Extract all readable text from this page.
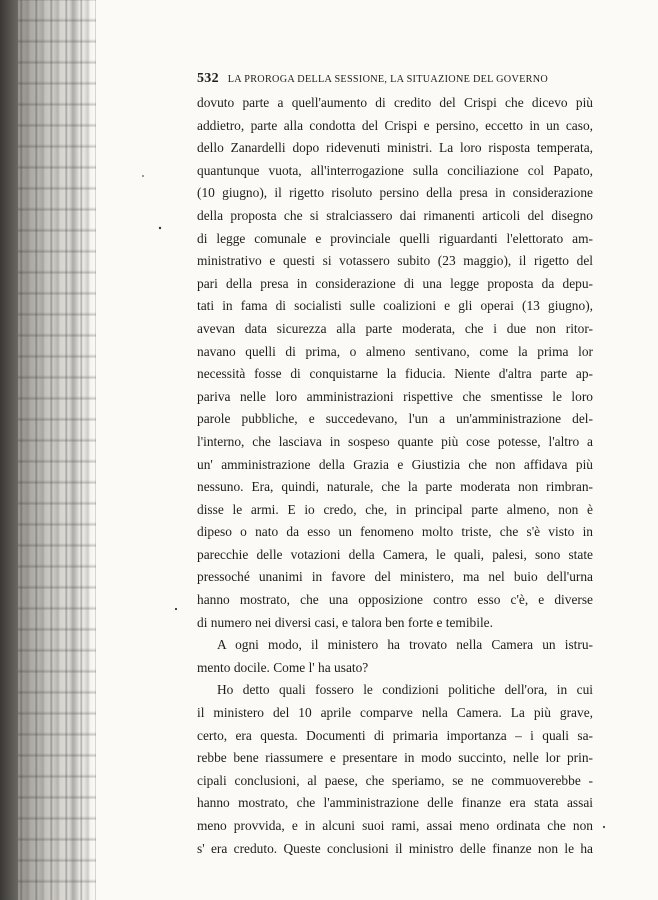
532 LA PROROGA DELLA SESSIONE, LA SITUAZIONE DEL GOVERNO
dovuto parte a quell'aumento di credito del Crispi che dicevo più
addietro, parte alla condotta del Crispi e persino, eccetto in un caso,
dello Zanardelli dopo ridevenuti ministri. La loro risposta temperata,
quantunque vuota, all'interrogazione sulla conciliazione col Papato,
(10 giugno), il rigetto risoluto persino della presa in considerazione
della proposta che si stralciassero dai rimanenti articoli del disegno
di legge comunale e provinciale quelli riguardanti l'elettorato am-
ministrativo e questi si votassero subito (23 maggio), il rigetto del
pari della presa in considerazione di una legge proposta da depu-
tati in fama di socialisti sulle coalizioni e gli operai (13 giugno),
avevan data sicurezza alla parte moderata, che i due non ritor-
navano quelli di prima, o almeno sentivano, come la prima lor
necessità fosse di conquistarne la fiducia. Niente d'altra parte ap-
pariva nelle loro amministrazioni rispettive che smentisse le loro
parole pubbliche, e succedevano, l'un a un'amministrazione del-
l'interno, che lasciava in sospeso quante più cose potesse, l'altro a
un' amministrazione della Grazia e Giustizia che non affidava più
nessuno. Era, quindi, naturale, che la parte moderata non rimbran-
disse le armi. E io credo, che, in principal parte almeno, non è
dipeso o nato da esso un fenomeno molto triste, che s'è visto in
parecchie delle votazioni della Camera, le quali, palesi, sono state
pressoché unanimi in favore del ministero, ma nel buio dell'urna
hanno mostrato, che una opposizione contro esso c'è, e diverse
di numero nei diversi casi, e talora ben forte e temibile.
A ogni modo, il ministero ha trovato nella Camera un istru-
mento docile. Come l' ha usato?
Ho detto quali fossero le condizioni politiche dell'ora, in cui
il ministero del 10 aprile comparve nella Camera. La più grave,
certo, era questa. Documenti di primaria importanza – i quali sa-
rebbe bene riassumere e presentare in modo succinto, nelle lor prin-
cipali conclusioni, al paese, che speriamo, se ne commuoverebbe -
hanno mostrato, che l'amministrazione delle finanze era stata assai
meno provvida, e in alcuni suoi rami, assai meno ordinata che non
s' era creduto. Queste conclusioni il ministro delle finanze non le ha
